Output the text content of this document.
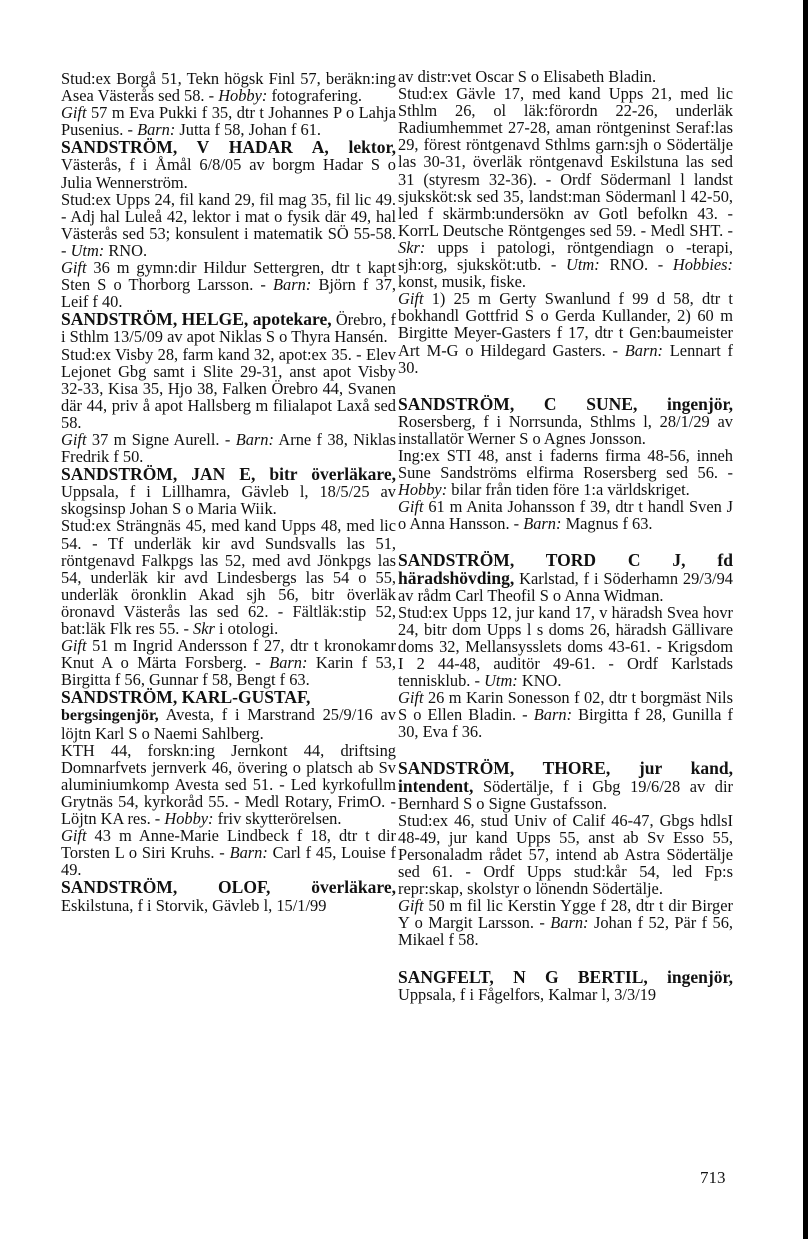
Stud:ex Borgå 51, Tekn högsk Finl 57, beräkn:ing Asea Västerås sed 58. - Hobby: fotografering.

Gift 57 m Eva Pukki f 35, dtr t Johannes P o Lahja Pusenius. - Barn: Jutta f 58, Johan f 61.

SANDSTRÖM, V HADAR A, lektor, Västerås, f i Åmål 6/8/05 av borgm Hadar S o Julia Wennerström.

Stud:ex Upps 24, fil kand 29, fil mag 35, fil lic 49. - Adj hal Luleå 42, lektor i mat o fysik där 49, hal Västerås sed 53; konsulent i matematik SÖ 55-58. - Utm: RNO.

Gift 36 m gymn:dir Hildur Settergren, dtr t kapt Sten S o Thorborg Larsson. - Barn: Björn f 37, Leif f 40.

SANDSTRÖM, HELGE, apotekare, Örebro, f i Sthlm 13/5/09 av apot Niklas S o Thyra Hansén.

Stud:ex Visby 28, farm kand 32, apot:ex 35. - Elev Lejonet Gbg samt i Slite 29-31, anst apot Visby 32-33, Kisa 35, Hjo 38, Falken Örebro 44, Svanen där 44, priv å apot Hallsberg m filialapot Laxå sed 58.

Gift 37 m Signe Aurell. - Barn: Arne f 38, Niklas Fredrik f 50.

SANDSTRÖM, JAN E, bitr överläkare, Uppsala, f i Lillhamra, Gävleb l, 18/5/25 av skogsinsp Johan S o Maria Wiik.

Stud:ex Strängnäs 45, med kand Upps 48, med lic 54. - Tf underläk kir avd Sundsvalls las 51, röntgenavd Falkpgs las 52, med avd Jönkpgs las 54, underläk kir avd Lindesbergs las 54 o 55, underläk öronklin Akad sjh 56, bitr överläk öronavd Västerås las sed 62. - Fältläk:stip 52, bat:läk Flk res 55. - Skr i otologi.

Gift 51 m Ingrid Andersson f 27, dtr t kronokamr Knut A o Märta Forsberg. - Barn: Karin f 53, Birgitta f 56, Gunnar f 58, Bengt f 63.

SANDSTRÖM, KARL-GUSTAF,
bergsingenjör, Avesta, f i Marstrand 25/9/16 av löjtn Karl S o Naemi Sahlberg.

KTH 44, forskn:ing Jernkont 44, driftsing Domnarfvets jernverk 46, övering o platsch ab Sv aluminiumkomp Avesta sed 51. - Led kyrkofullm Grytnäs 54, kyrkoråd 55. - Medl Rotary, FrimO. - Löjtn KA res. - Hobby: friv skytterörelsen.

Gift 43 m Anne-Marie Lindbeck f 18, dtr t dir Torsten L o Siri Kruhs. - Barn: Carl f 45, Louise f 49.

SANDSTRÖM, OLOF, överläkare, Eskilstuna, f i Storvik, Gävleb l, 15/1/99

av distr:vet Oscar S o Elisabeth Bladin.

Stud:ex Gävle 17, med kand Upps 21, med lic Sthlm 26, ol läk:förordn 22-26, underläk Radiumhemmet 27-28, aman röntgeninst Seraf:las 29, förest röntgenavd Sthlms garn:sjh o Södertälje las 30-31, överläk röntgenavd Eskilstuna las sed 31 (styresm 32-36). - Ordf Södermanl l landst sjuksköt:sk sed 35, landst:man Södermanl l 42-50, led f skärmb:undersökn av Gotl befolkn 43. - KorrL Deutsche Röntgenges sed 59. - Medl SHT. - Skr: upps i patologi, röntgendiagn o -terapi, sjh:org, sjuksköt:utb. - Utm: RNO. - Hobbies: konst, musik, fiske.

Gift 1) 25 m Gerty Swanlund f 99 d 58, dtr t bokhandl Gottfrid S o Gerda Kullander, 2) 60 m Birgitte Meyer-Gasters f 17, dtr t Gen:baumeister Art M-G o Hildegard Gasters. - Barn: Lennart f 30.

SANDSTRÖM, C SUNE, ingenjör, Rosersberg, f i Norrsunda, Sthlms l, 28/1/29 av installatör Werner S o Agnes Jonsson.

Ing:ex STI 48, anst i faderns firma 48-56, inneh Sune Sandströms elfirma Rosersberg sed 56. - Hobby: bilar från tiden före 1:a världskriget.

Gift 61 m Anita Johansson f 39, dtr t handl Sven J o Anna Hansson. - Barn: Magnus f 63.

SANDSTRÖM, TORD C J, fd häradshövding, Karlstad, f i Söderhamn 29/3/94 av rådm Carl Theofil S o Anna Widman.

Stud:ex Upps 12, jur kand 17, v häradsh Svea hovr 24, bitr dom Upps l s doms 26, häradsh Gällivare doms 32, Mellansysslets doms 43-61. - Krigsdom I 2 44-48, auditör 49-61. - Ordf Karlstads tennisklub. - Utm: KNO.

Gift 26 m Karin Sonesson f 02, dtr t borgmäst Nils S o Ellen Bladin. - Barn: Birgitta f 28, Gunilla f 30, Eva f 36.

SANDSTRÖM, THORE, jur kand, intendent, Södertälje, f i Gbg 19/6/28 av dir Bernhard S o Signe Gustafsson.

Stud:ex 46, stud Univ of Calif 46-47, Gbgs hdlsI 48-49, jur kand Upps 55, anst ab Sv Esso 55, Personaladm rådet 57, intend ab Astra Södertälje sed 61. - Ordf Upps stud:kår 54, led Fp:s repr:skap, skolstyr o lönendn Södertälje.

Gift 50 m fil lic Kerstin Ygge f 28, dtr t dir Birger Y o Margit Larsson. - Barn: Johan f 52, Pär f 56, Mikael f 58.

SANGFELT, N G BERTIL, ingenjör, Uppsala, f i Fågelfors, Kalmar l, 3/3/19

713
